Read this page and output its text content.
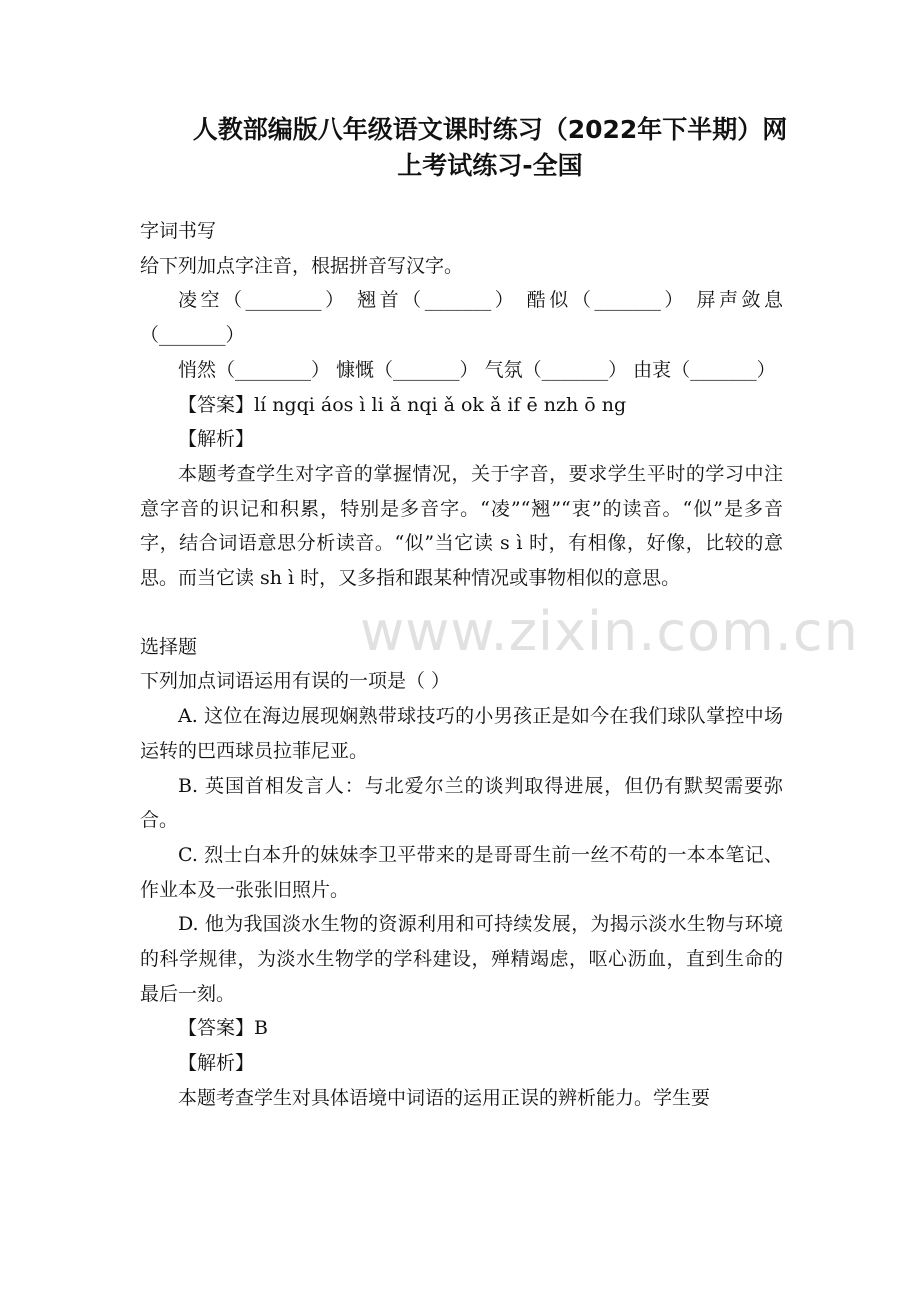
人教部编版八年级语文课时练习（2022年下半期）网
上考试练习-全国
www.zixin.com.cn

字词书写

给下列加点字注音，根据拼音写汉字。

凌空（________） 翘首（_______） 酷似（_______） 屏声敛息（_______）

悄然（________） 慷慨（_______） 气氛（_______） 由衷（_______）

【答案】lí ngqi áos ì li ǎ nqi ǎ ok ǎ if ē nzh ō ng

【解析】

本题考查学生对字音的掌握情况，关于字音，要求学生平时的学习中注意字音的识记和积累，特别是多音字。“凌”“翘”“衷”的读音。“似”是多音字，结合词语意思分析读音。“似”当它读 s ì 时，有相像，好像，比较的意思。而当它读 sh ì 时，又多指和跟某种情况或事物相似的意思。

选择题

下列加点词语运用有误的一项是（ ）

A. 这位在海边展现娴熟带球技巧的小男孩正是如今在我们球队掌控中场运转的巴西球员拉菲尼亚。

B. 英国首相发言人：与北爱尔兰的谈判取得进展，但仍有默契需要弥合。

C. 烈士白本升的妹妹李卫平带来的是哥哥生前一丝不苟的一本本笔记、作业本及一张张旧照片。

D. 他为我国淡水生物的资源利用和可持续发展，为揭示淡水生物与环境的科学规律，为淡水生物学的学科建设，殚精竭虑，呕心沥血，直到生命的最后一刻。

【答案】B

【解析】

本题考查学生对具体语境中词语的运用正误的辨析能力。学生要
